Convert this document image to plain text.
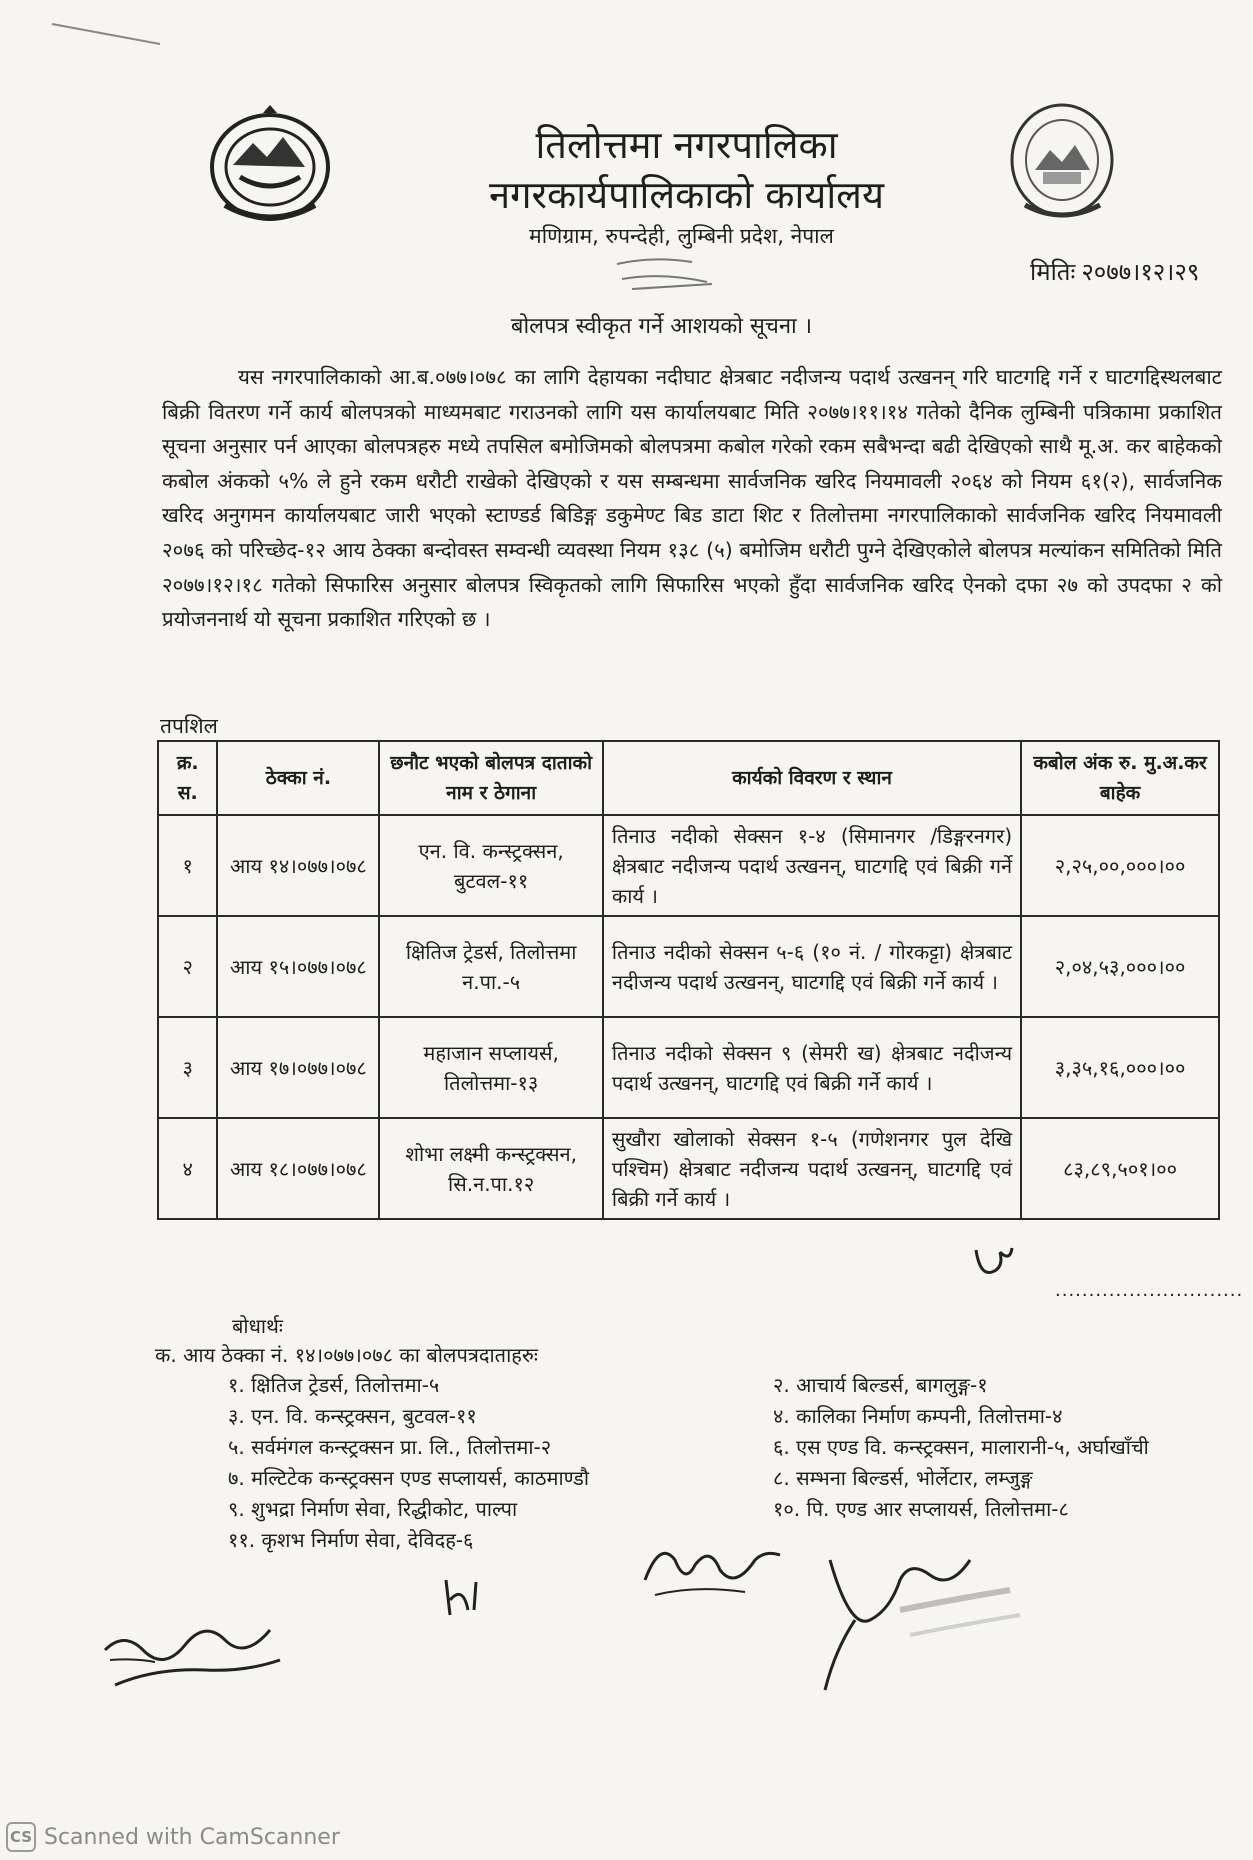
तिलोत्तमा नगरपालिका
नगरकार्यपालिकाको कार्यालय
मणिग्राम, रुपन्देही, लुम्बिनी प्रदेश, नेपाल
मितिः २०७७।१२।२९
बोलपत्र स्वीकृत गर्ने आशयको सूचना ।
यस नगरपालिकाको आ.ब.०७७।०७८ का लागि देहायका नदीघाट क्षेत्रबाट नदीजन्य पदार्थ उत्खनन् गरि घाटगद्दि गर्ने र घाटगद्दिस्थलबाट बिक्री वितरण गर्ने कार्य बोलपत्रको माध्यमबाट गराउनको लागि यस कार्यालयबाट मिति २०७७।११।१४ गतेको दैनिक लुम्बिनी पत्रिकामा प्रकाशित सूचना अनुसार पर्न आएका बोलपत्रहरु मध्ये तपसिल बमोजिमको बोलपत्रमा कबोल गरेको रकम सबैभन्दा बढी देखिएको साथै मू.अ. कर बाहेकको कबोल अंकको ५% ले हुने रकम धरौटी राखेको देखिएको र यस सम्बन्धमा सार्वजनिक खरिद नियमावली २०६४ को नियम ६१(२), सार्वजनिक खरिद अनुगमन कार्यालयबाट जारी भएको स्टाण्डर्ड बिडिङ्ग डकुमेण्ट बिड डाटा शिट र तिलोत्तमा नगरपालिकाको सार्वजनिक खरिद नियमावली २०७६ को परिच्छेद-१२ आय ठेक्का बन्दोवस्त सम्वन्धी व्यवस्था नियम १३८ (५) बमोजिम धरौटी पुग्ने देखिएकोले बोलपत्र मल्यांकन समितिको मिति २०७७।१२।१८ गतेको सिफारिस अनुसार बोलपत्र स्विकृतको लागि सिफारिस भएको हुँदा सार्वजनिक खरिद ऐनको दफा २७ को उपदफा २ को प्रयोजननार्थ यो सूचना प्रकाशित गरिएको छ ।
तपशिल
क्र. स.	ठेक्का नं.	छनौट भएको बोलपत्र दाताको नाम र ठेगाना	कार्यको विवरण र स्थान	कबोल अंक रु. मु.अ.कर बाहेक
१	आय १४।०७७।०७८	एन. वि. कन्स्ट्रक्सन, बुटवल-११	तिनाउ नदीको सेक्सन १-४ (सिमानगर /डिङ्गरनगर) क्षेत्रबाट नदीजन्य पदार्थ उत्खनन्, घाटगद्दि एवं बिक्री गर्ने कार्य ।	२,२५,००,०००।००
२	आय १५।०७७।०७८	क्षितिज ट्रेडर्स, तिलोत्तमा न.पा.-५	तिनाउ नदीको सेक्सन ५-६ (१० नं. / गोरकट्टा) क्षेत्रबाट नदीजन्य पदार्थ उत्खनन्, घाटगद्दि एवं बिक्री गर्ने कार्य ।	२,०४,५३,०००।००
३	आय १७।०७७।०७८	महाजान सप्लायर्स, तिलोत्तमा-१३	तिनाउ नदीको सेक्सन ९ (सेमरी ख) क्षेत्रबाट नदीजन्य पदार्थ उत्खनन्, घाटगद्दि एवं बिक्री गर्ने कार्य ।	३,३५,१६,०००।००
४	आय १८।०७७।०७८	शोभा लक्ष्मी कन्स्ट्रक्सन, सि.न.पा.१२	सुखौरा खोलाको सेक्सन १-५ (गणेशनगर पुल देखि पश्चिम) क्षेत्रबाट नदीजन्य पदार्थ उत्खनन्, घाटगद्दि एवं बिक्री गर्ने कार्य ।	८३,८९,५०१।००
............................
बोधार्थः
क. आय ठेक्का नं. १४।०७७।०७८ का बोलपत्रदाताहरुः
१. क्षितिज ट्रेडर्स, तिलोत्तमा-५
३. एन. वि. कन्स्ट्रक्सन, बुटवल-११
५. सर्वमंगल कन्स्ट्रक्सन प्रा. लि., तिलोत्तमा-२
७. मल्टिटेक कन्स्ट्रक्सन एण्ड सप्लायर्स, काठमाण्डौ
९. शुभद्रा निर्माण सेवा, रिद्धीकोट, पाल्पा
११. कृशभ निर्माण सेवा, देविदह-६
२. आचार्य बिल्डर्स, बागलुङ्ग-१
४. कालिका निर्माण कम्पनी, तिलोत्तमा-४
६. एस एण्ड वि. कन्स्ट्रक्सन, मालारानी-५, अर्घाखाँची
८. सम्भना बिल्डर्स, भोर्लेटार, लम्जुङ्ग
१०. पि. एण्ड आर सप्लायर्स, तिलोत्तमा-८
CS Scanned with CamScanner
